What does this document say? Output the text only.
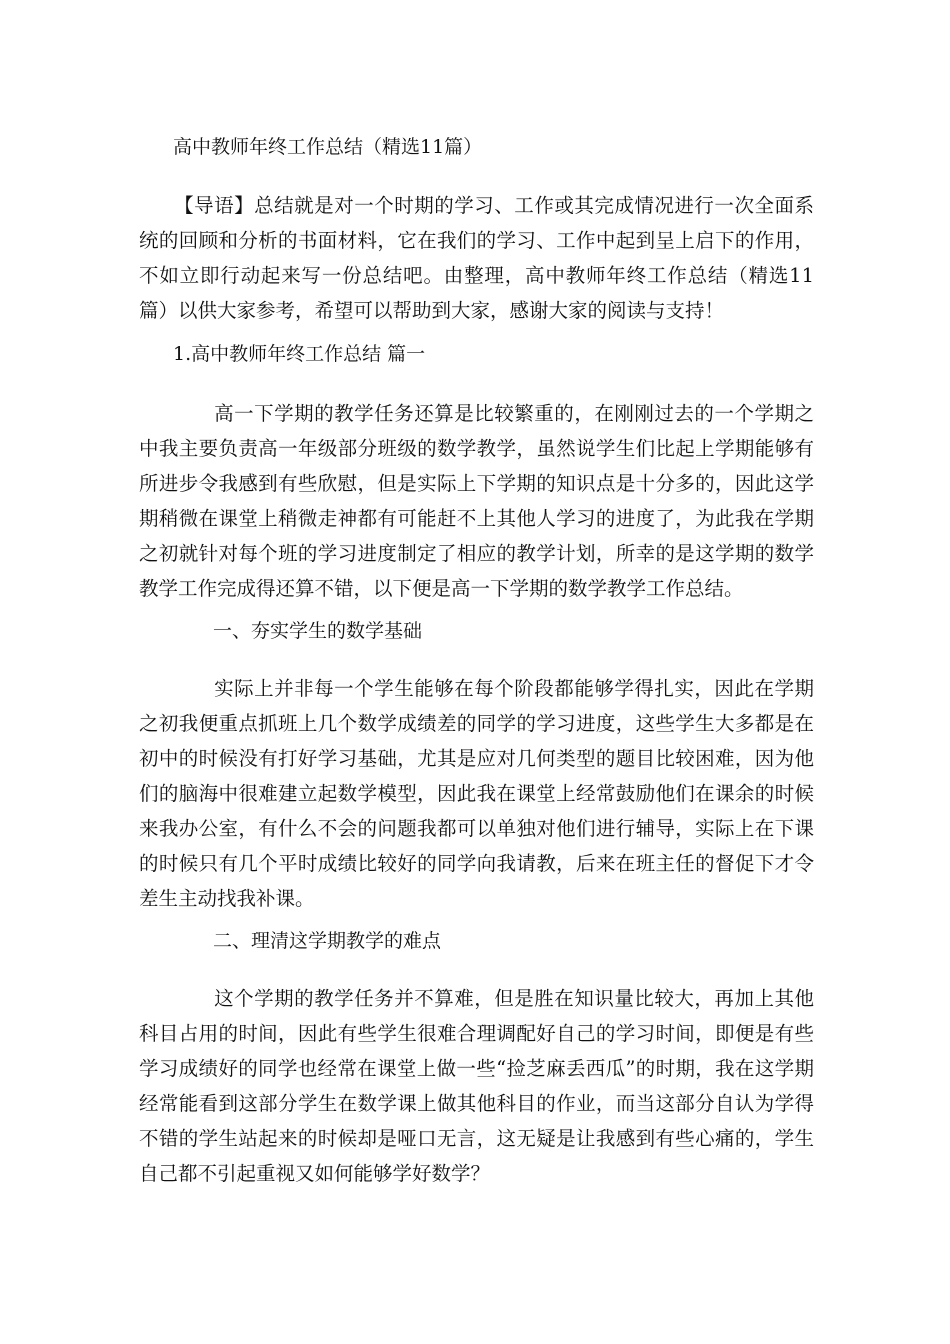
高中教师年终工作总结（精选11篇）

【导语】总结就是对一个时期的学习、工作或其完成情况进行一次全面系统的回顾和分析的书面材料，它在我们的学习、工作中起到呈上启下的作用，不如立即行动起来写一份总结吧。由整理，高中教师年终工作总结（精选11篇）以供大家参考，希望可以帮助到大家，感谢大家的阅读与支持！

1.高中教师年终工作总结 篇一

高一下学期的教学任务还算是比较繁重的，在刚刚过去的一个学期之中我主要负责高一年级部分班级的数学教学，虽然说学生们比起上学期能够有所进步令我感到有些欣慰，但是实际上下学期的知识点是十分多的，因此这学期稍微在课堂上稍微走神都有可能赶不上其他人学习的进度了，为此我在学期之初就针对每个班的学习进度制定了相应的教学计划，所幸的是这学期的数学教学工作完成得还算不错，以下便是高一下学期的数学教学工作总结。

一、夯实学生的数学基础

实际上并非每一个学生能够在每个阶段都能够学得扎实，因此在学期之初我便重点抓班上几个数学成绩差的同学的学习进度，这些学生大多都是在初中的时候没有打好学习基础，尤其是应对几何类型的题目比较困难，因为他们的脑海中很难建立起数学模型，因此我在课堂上经常鼓励他们在课余的时候来我办公室，有什么不会的问题我都可以单独对他们进行辅导，实际上在下课的时候只有几个平时成绩比较好的同学向我请教，后来在班主任的督促下才令差生主动找我补课。

二、理清这学期教学的难点

这个学期的教学任务并不算难，但是胜在知识量比较大，再加上其他科目占用的时间，因此有些学生很难合理调配好自己的学习时间，即便是有些学习成绩好的同学也经常在课堂上做一些“捡芝麻丢西瓜”的时期，我在这学期经常能看到这部分学生在数学课上做其他科目的作业，而当这部分自认为学得不错的学生站起来的时候却是哑口无言，这无疑是让我感到有些心痛的，学生自己都不引起重视又如何能够学好数学？
